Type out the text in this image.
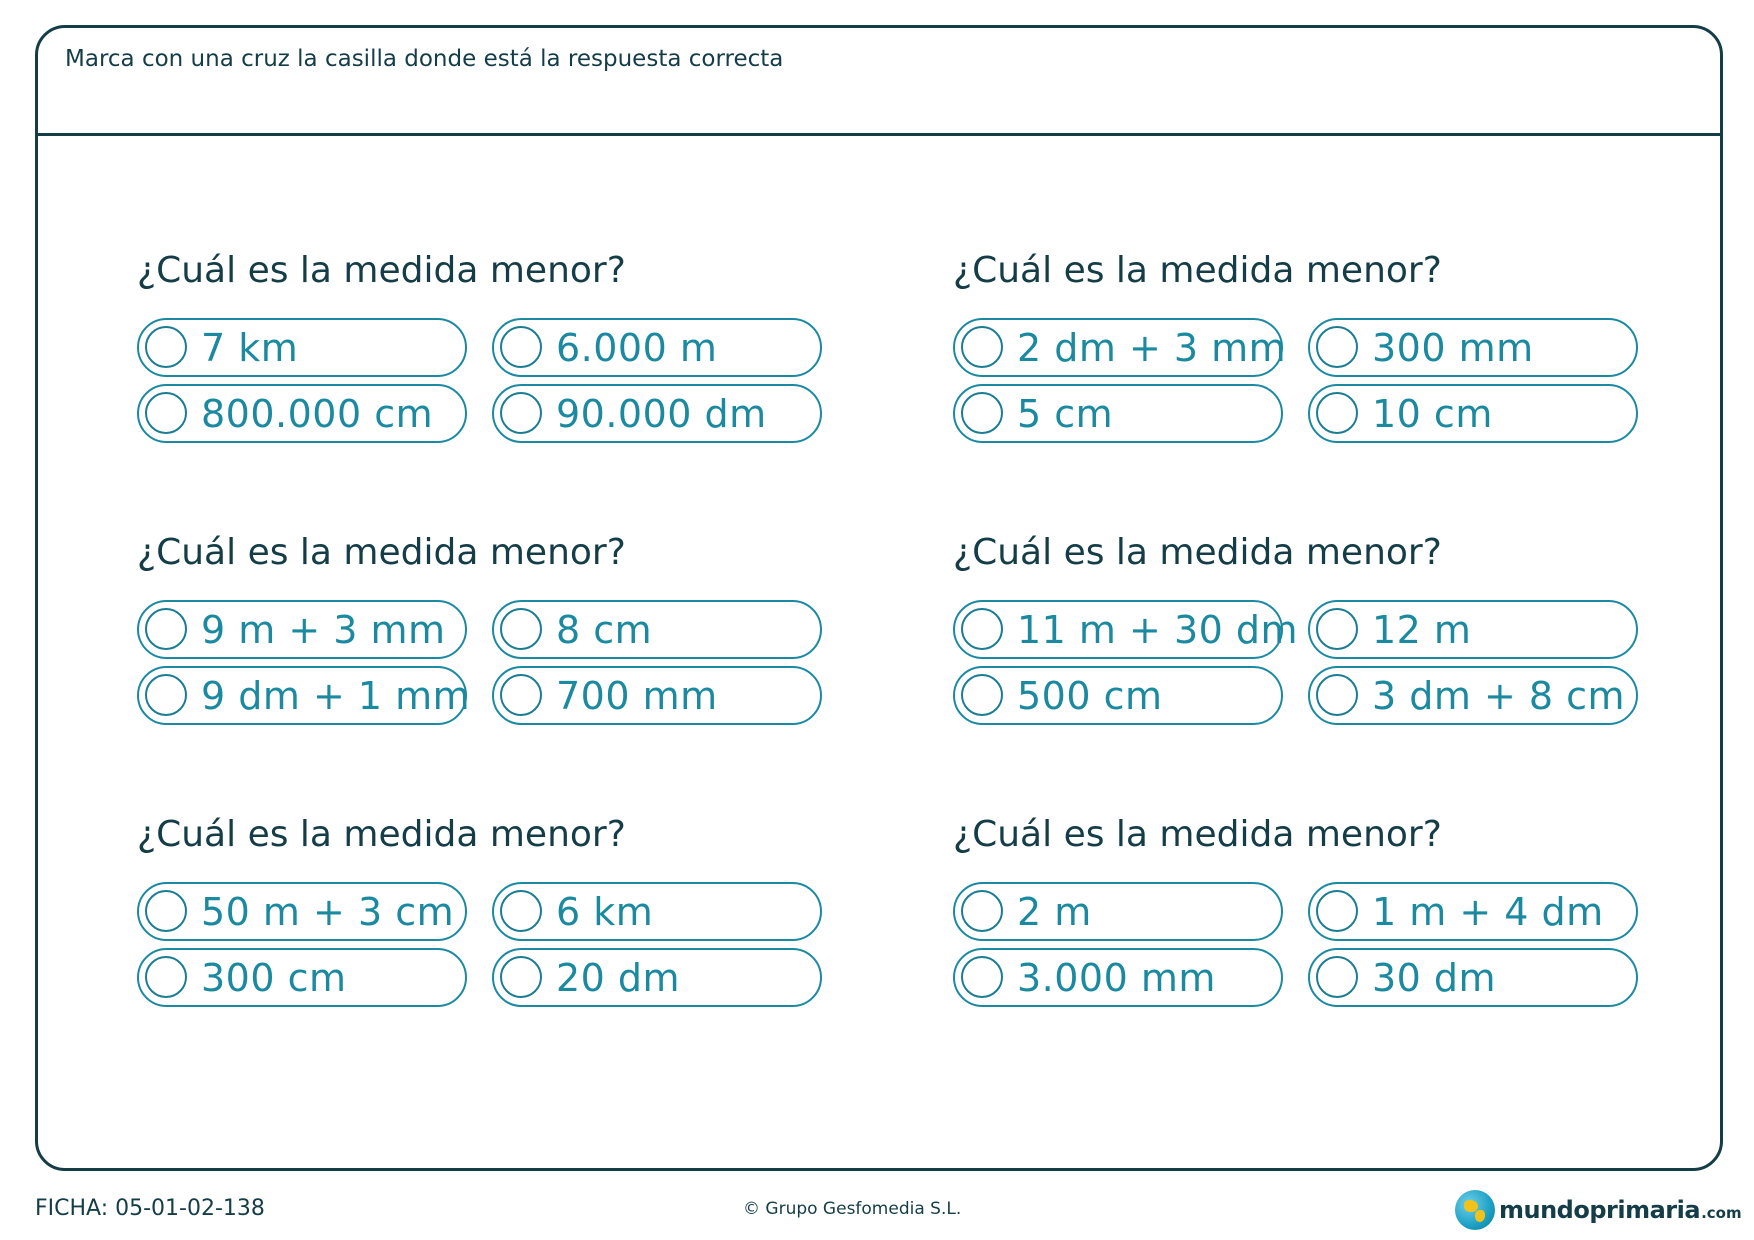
Marca con una cruz la casilla donde está la respuesta correcta
¿Cuál es la medida menor?
7 km	6.000 m
800.000 cm	90.000 dm
¿Cuál es la medida menor?
2 dm + 3 mm 300 mm
5 cm	10 cm
¿Cuál es la medida menor?
9 m + 3 mm	8 cm
9 dm + 1 mm 700 mm
¿Cuál es la medida menor?
11 m + 30 dm 12 m
500 cm	3 dm + 8 cm
¿Cuál es la medida menor?
50 m + 3 cm	6 km
300 cm	20 dm
¿Cuál es la medida menor?
2 m	1 m + 4 dm
3.000 mm	30 dm
FICHA: 05-01-02-138	© Grupo Gesfomedia S.L.	mundoprimaria .com
